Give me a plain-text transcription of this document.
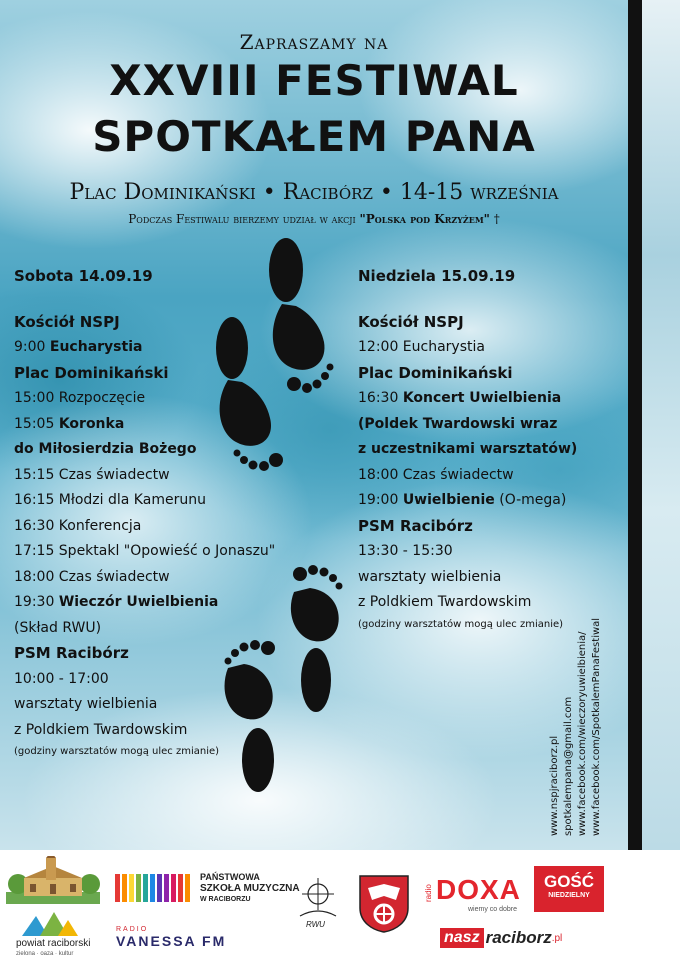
Zapraszamy na
XXVIII FESTIWAL
SPOTKAŁEM PANA
Plac Dominikański • Racibórz • 14-15 września
Podczas Festiwalu bierzemy udział w akcji "Polska pod Krzyżem" †
Sobota 14.09.19
Kościół NSPJ
9:00 Eucharystia
Plac Dominikański
15:00 Rozpoczęcie
15:05 Koronka
do Miłosierdzia Bożego
15:15 Czas świadectw
16:15 Młodzi dla Kamerunu
16:30 Konferencja
17:15 Spektakl "Opowieść o Jonaszu"
18:00 Czas świadectw
19:30 Wieczór Uwielbienia
(Skład RWU)
PSM Racibórz
10:00 - 17:00
warsztaty wielbienia
z Poldkiem Twardowskim
(godziny warsztatów mogą ulec zmianie)
Niedziela 15.09.19
Kościół NSPJ
12:00 Eucharystia
Plac Dominikański
16:30 Koncert Uwielbienia
(Poldek Twardowski wraz
z uczestnikami warsztatów)
18:00 Czas świadectw
19:00 Uwielbienie (O-mega)
PSM Racibórz
13:30 - 15:30
warsztaty wielbienia
z Poldkiem Twardowskim
(godziny warsztatów mogą ulec zmianie)
www.nspjraciborz.pl spotkalempana@gmail.com www.facebook.com/wieczoryuwielbienia/ www.facebook.com/SpotkalemPanaFestiwal
PAŃSTWOWA
SZKOŁA MUZYCZNA
W RACIBORZU
RWU
radio DOXA
wiemy co dobre
GOŚĆ
NIEDZIELNY
powiat raciborski
zielona · oaza · kultur
RADIO
VANESSA FM	nasz raciborz .pl
